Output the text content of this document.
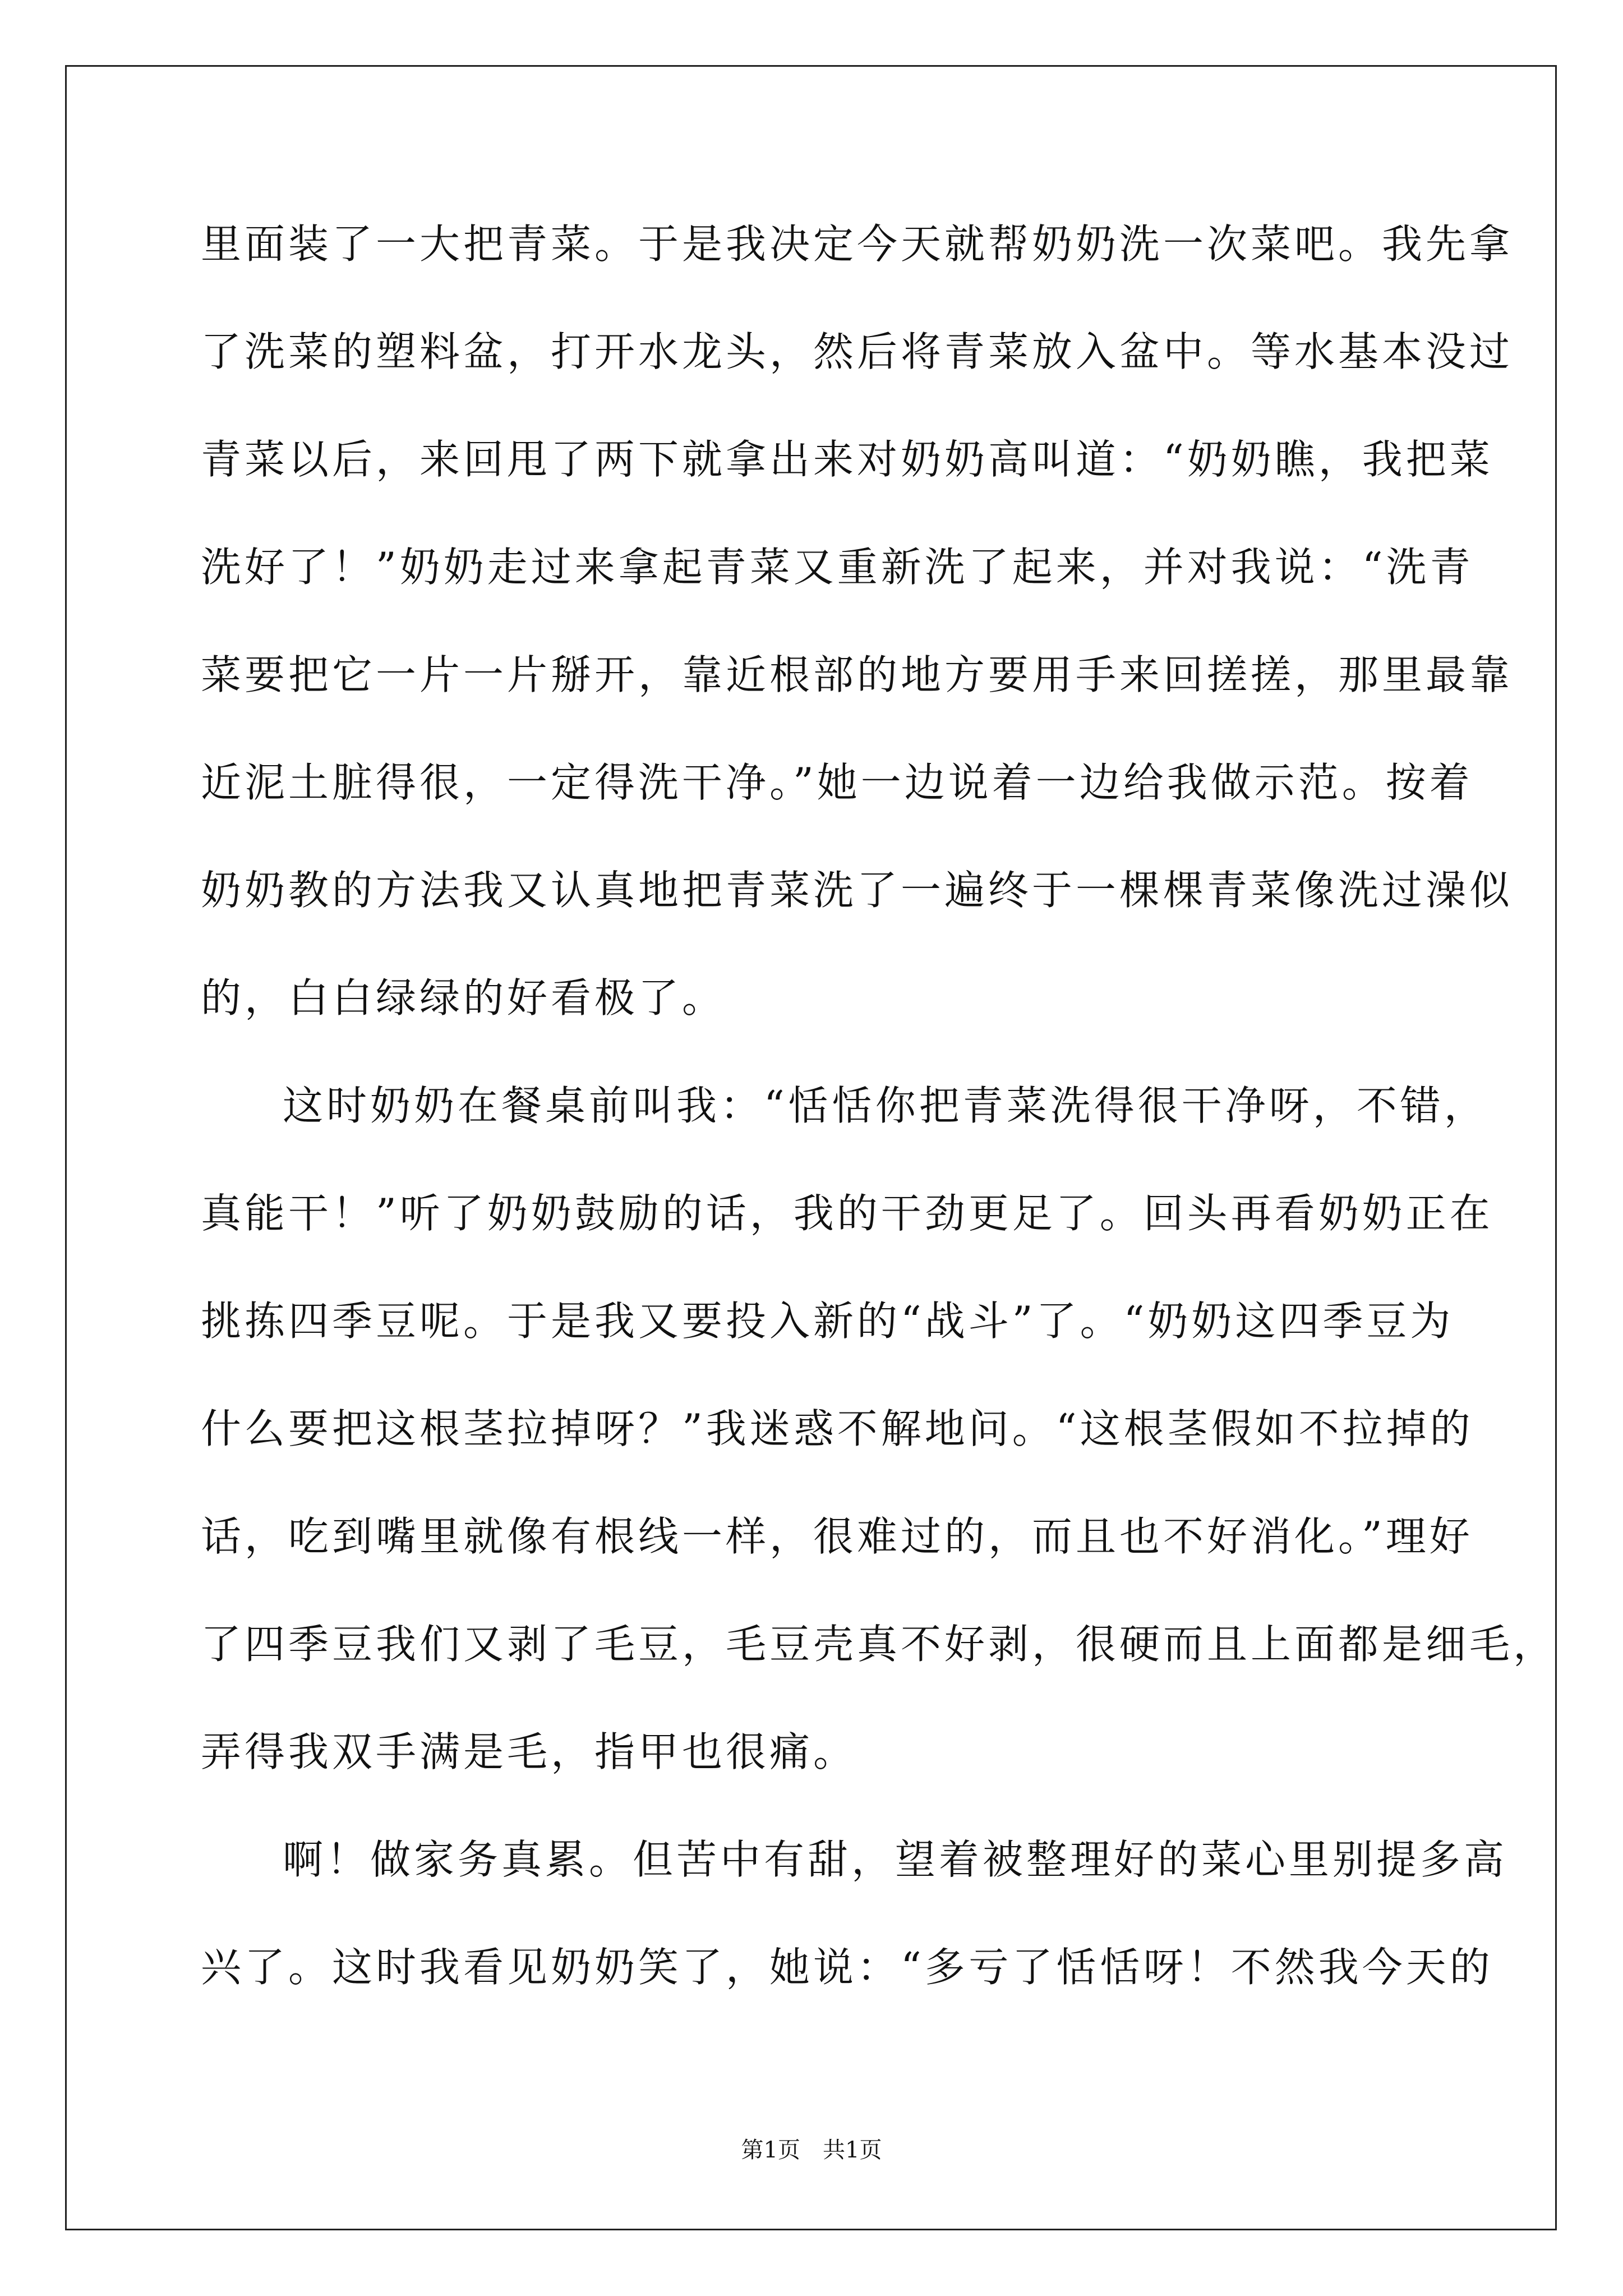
里面装了一大把青菜。于是我决定今天就帮奶奶洗一次菜吧。我先拿
了洗菜的塑料盆，打开水龙头，然后将青菜放入盆中。等水基本没过
青菜以后，来回甩了两下就拿出来对奶奶高叫道：“奶奶瞧，我把菜
洗好了！”奶奶走过来拿起青菜又重新洗了起来，并对我说：“洗青
菜要把它一片一片掰开，靠近根部的地方要用手来回搓搓，那里最靠
近泥土脏得很，一定得洗干净。”她一边说着一边给我做示范。按着
奶奶教的方法我又认真地把青菜洗了一遍终于一棵棵青菜像洗过澡似
的，白白绿绿的好看极了。
这时奶奶在餐桌前叫我：“恬恬你把青菜洗得很干净呀，不错，
真能干！”听了奶奶鼓励的话，我的干劲更足了。回头再看奶奶正在
挑拣四季豆呢。于是我又要投入新的“战斗”了。“奶奶这四季豆为
什么要把这根茎拉掉呀？”我迷惑不解地问。“这根茎假如不拉掉的
话，吃到嘴里就像有根线一样，很难过的，而且也不好消化。”理好
了四季豆我们又剥了毛豆，毛豆壳真不好剥，很硬而且上面都是细毛，
弄得我双手满是毛，指甲也很痛。
啊！做家务真累。但苦中有甜，望着被整理好的菜心里别提多高
兴了。这时我看见奶奶笑了，她说：“多亏了恬恬呀！不然我今天的
第1页　共1页
